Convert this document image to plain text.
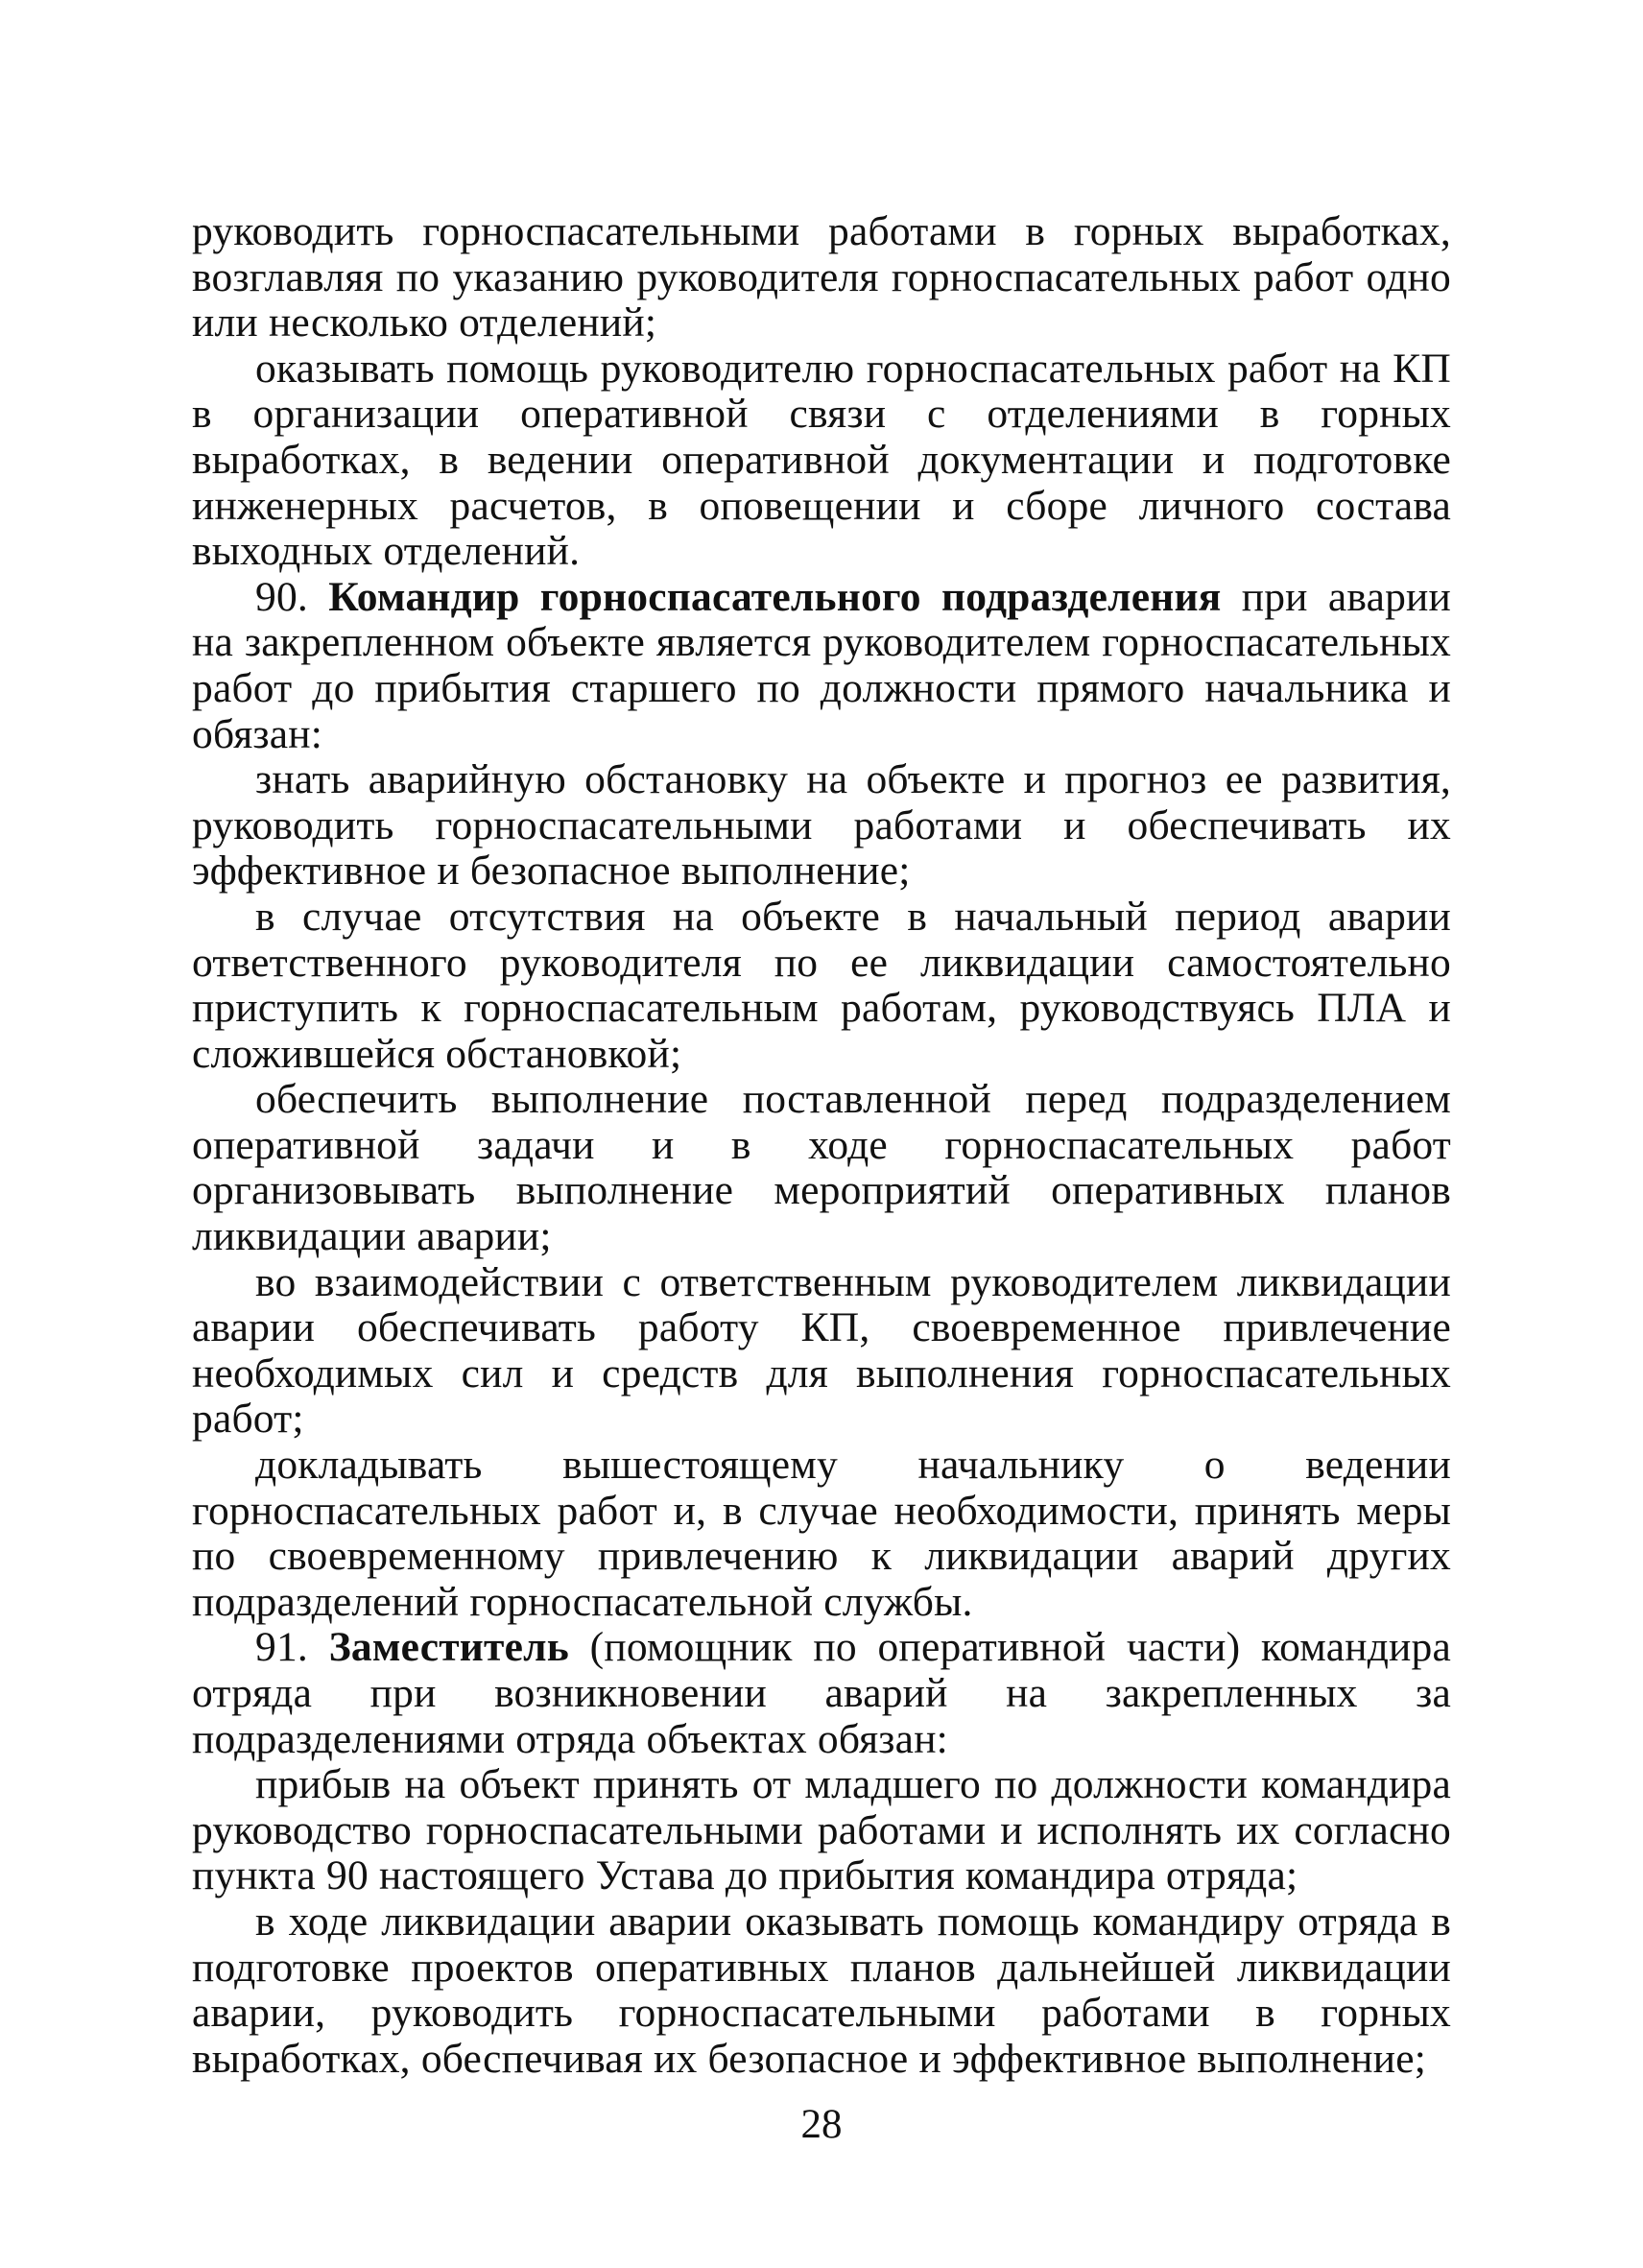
руководить горноспасательными работами в горных выработках, возглавляя по указанию руководителя горноспасательных работ одно или несколько отделений;

оказывать помощь руководителю горноспасательных работ на КП в организации оперативной связи с отделениями в горных выработках, в ведении оперативной документации и подготовке инженерных расчетов, в оповещении и сборе личного состава выходных отделений.

90. Командир горноспасательного подразделения при аварии на закрепленном объекте является руководителем горноспасательных работ до прибытия старшего по должности прямого начальника и обязан:

знать аварийную обстановку на объекте и прогноз ее развития, руководить горноспасательными работами и обеспечивать их эффективное и безопасное выполнение;

в случае отсутствия на объекте в начальный период аварии ответственного руководителя по ее ликвидации самостоятельно приступить к горноспасательным работам, руководствуясь ПЛА и сложившейся обстановкой;

обеспечить выполнение поставленной перед подразделением оперативной задачи и в ходе горноспасательных работ организовывать выполнение мероприятий оперативных планов ликвидации аварии;

во взаимодействии с ответственным руководителем ликвидации аварии обеспечивать работу КП, своевременное привлечение необходимых сил и средств для выполнения горноспасательных работ;

докладывать вышестоящему начальнику о ведении горноспасательных работ и, в случае необходимости, принять меры по своевременному привлечению к ликвидации аварий других подразделений горноспасательной службы.

91. Заместитель (помощник по оперативной части) командира отряда при возникновении аварий на закрепленных за подразделениями отряда объектах обязан:

прибыв на объект принять от младшего по должности командира руководство горноспасательными работами и исполнять их согласно пункта 90 настоящего Устава до прибытия командира отряда;

в ходе ликвидации аварии оказывать помощь командиру отряда в подготовке проектов оперативных планов дальнейшей ликвидации аварии, руководить горноспасательными работами в горных выработках, обеспечивая их безопасное и эффективное выполнение;

28
